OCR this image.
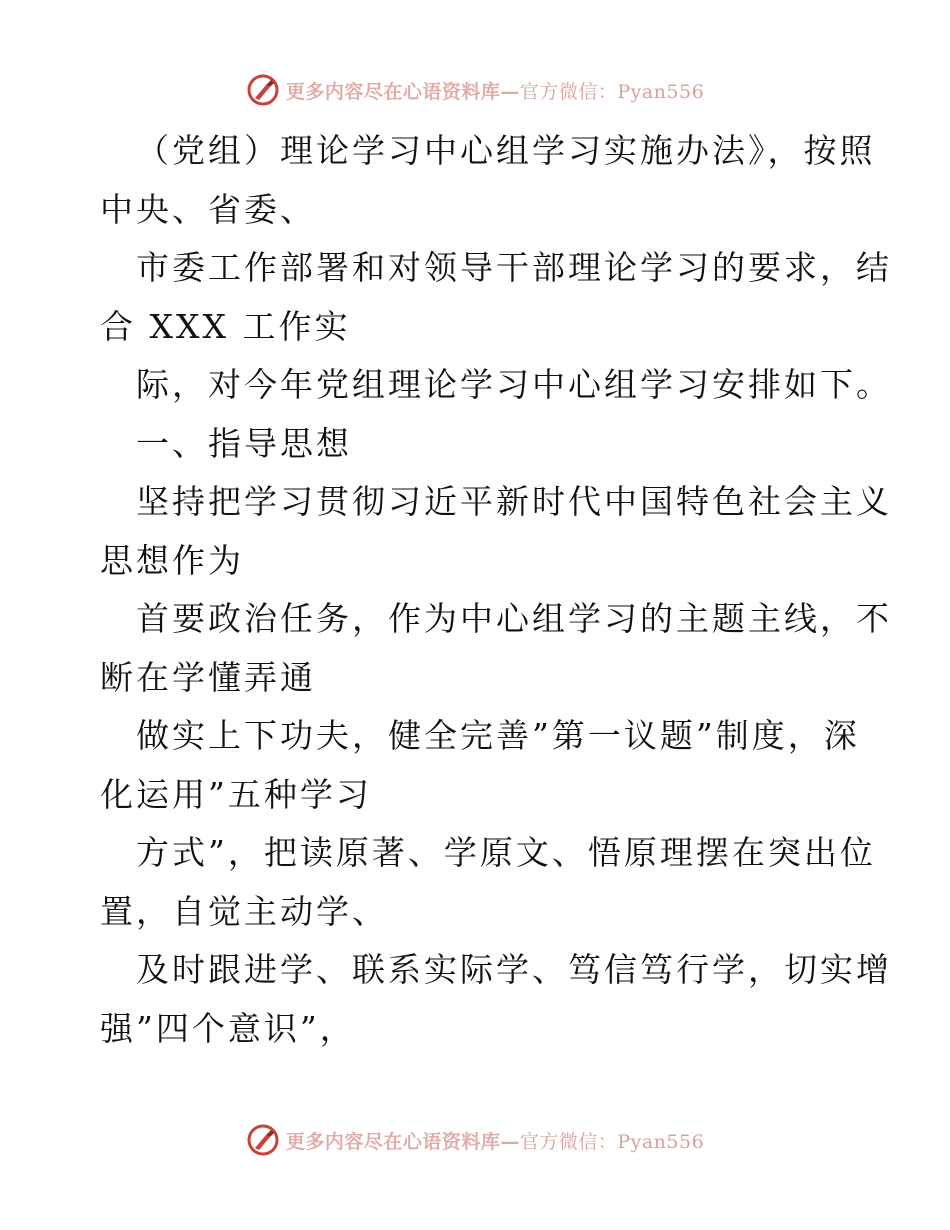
更多内容尽在心语资料库—官方微信：Pyan556
（党组）理论学习中心组学习实施办法》，按照
中央、省委、
市委工作部署和对领导干部理论学习的要求，结
合 XXX 工作实
际，对今年党组理论学习中心组学习安排如下。
一、指导思想
坚持把学习贯彻习近平新时代中国特色社会主义
思想作为
首要政治任务，作为中心组学习的主题主线，不
断在学懂弄通
做实上下功夫，健全完善”第一议题”制度，深
化运用”五种学习
方式”，把读原著、学原文、悟原理摆在突出位
置，自觉主动学、
及时跟进学、联系实际学、笃信笃行学，切实增
强”四个意识”，
更多内容尽在心语资料库—官方微信：Pyan556
